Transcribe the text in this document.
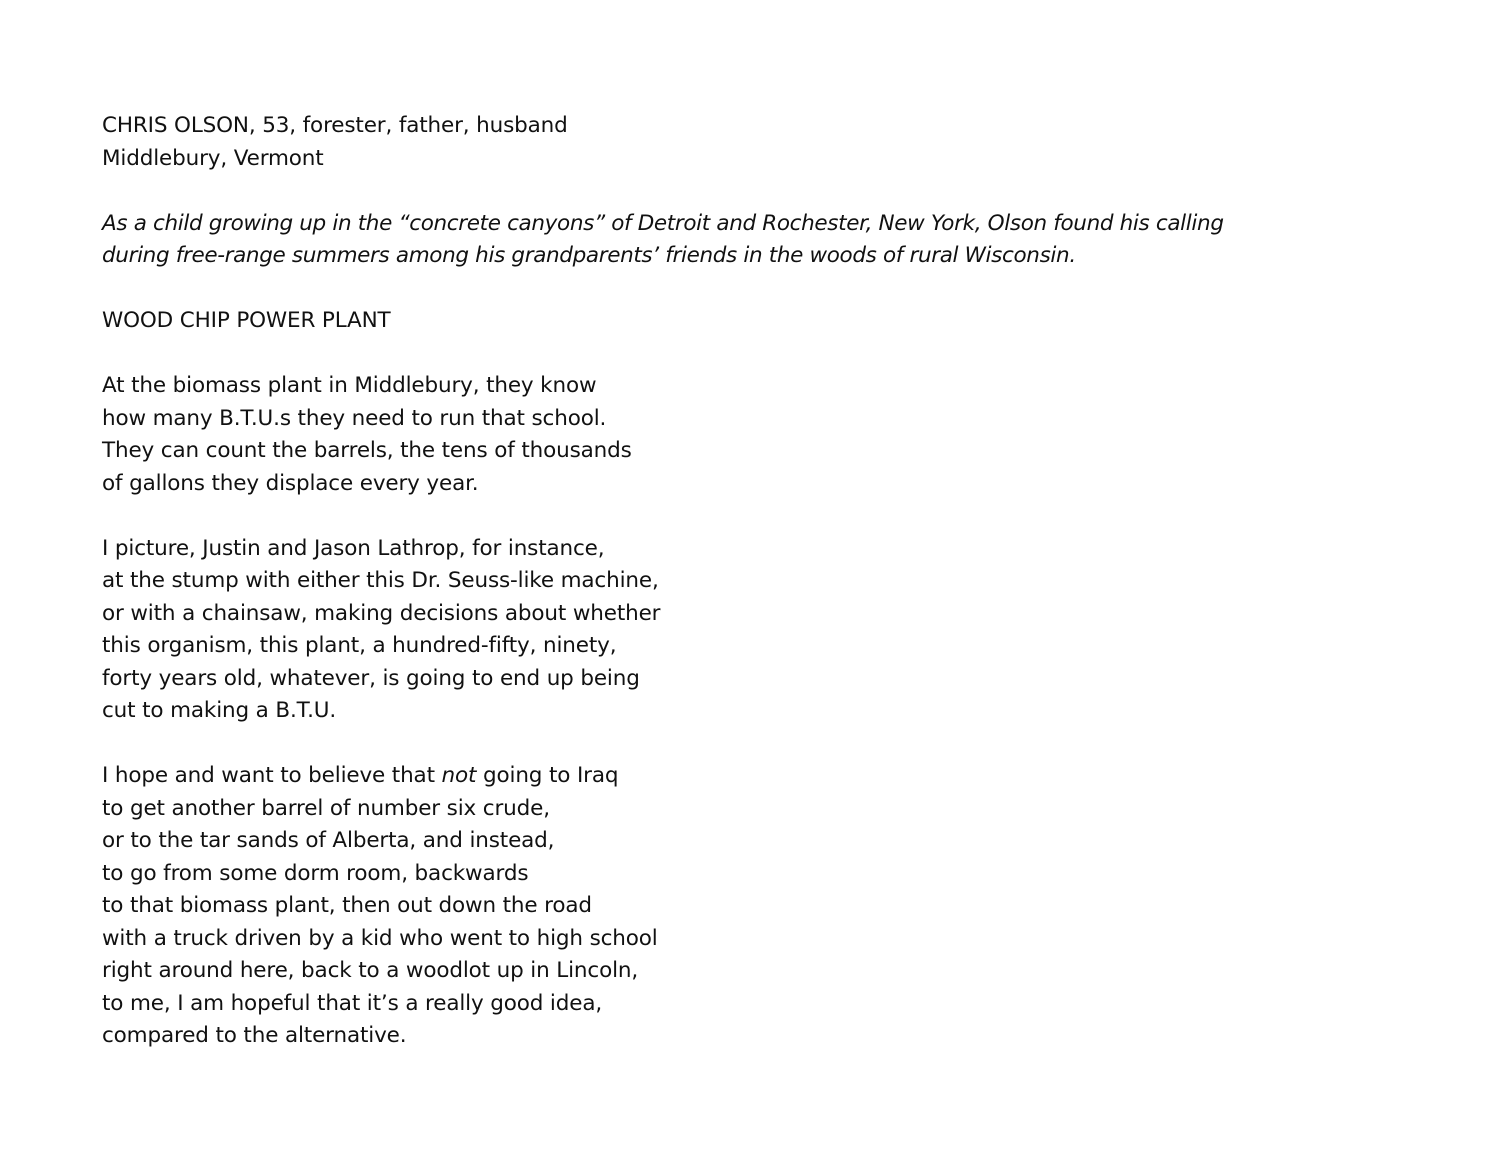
CHRIS OLSON, 53, forester, father, husband
Middlebury, Vermont
As a child growing up in the “concrete canyons” of Detroit and Rochester, New York, Olson found his calling
during free-range summers among his grandparents’ friends in the woods of rural Wisconsin.
WOOD CHIP POWER PLANT
At the biomass plant in Middlebury, they know
how many B.T.U.s they need to run that school.
They can count the barrels, the tens of thousands
of gallons they displace every year.
I picture, Justin and Jason Lathrop, for instance,
at the stump with either this Dr. Seuss-like machine,
or with a chainsaw, making decisions about whether
this organism, this plant, a hundred-fifty, ninety,
forty years old, whatever, is going to end up being
cut to making a B.T.U.
I hope and want to believe that not going to Iraq
to get another barrel of number six crude,
or to the tar sands of Alberta, and instead,
to go from some dorm room, backwards
to that biomass plant, then out down the road
with a truck driven by a kid who went to high school
right around here, back to a woodlot up in Lincoln,
to me, I am hopeful that it’s a really good idea,
compared to the alternative.
